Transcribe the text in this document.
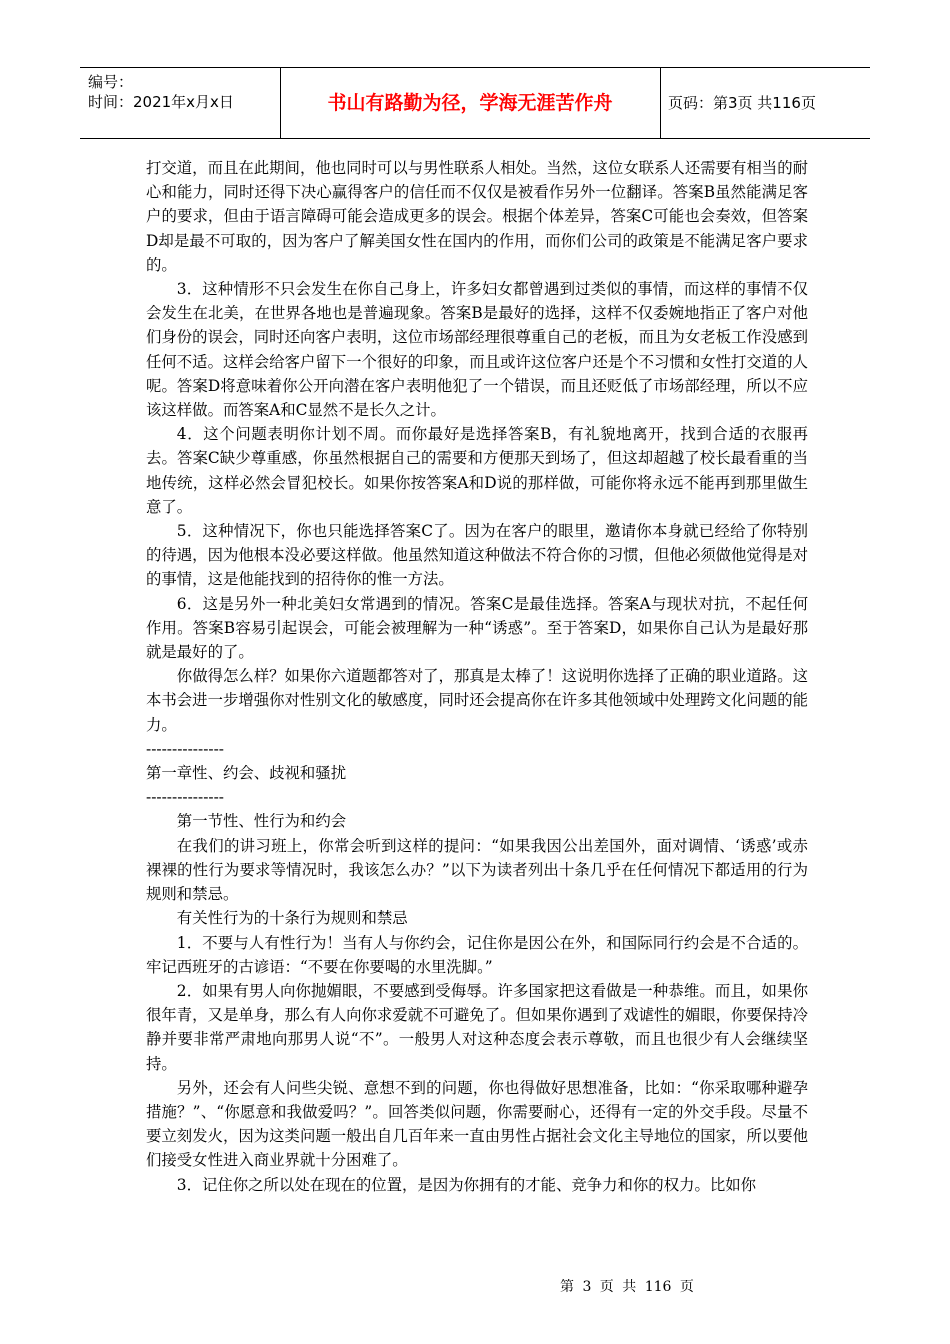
编号：
时间：2021年x月x日	书山有路勤为径，学海无涯苦作舟	页码：第3页 共116页

打交道，而且在此期间，他也同时可以与男性联系人相处。当然，这位女联系人还需要有相当的耐心和能力，同时还得下决心赢得客户的信任而不仅仅是被看作另外一位翻译。答案B虽然能满足客户的要求，但由于语言障碍可能会造成更多的误会。根据个体差异，答案C可能也会奏效，但答案D却是最不可取的，因为客户了解美国女性在国内的作用，而你们公司的政策是不能满足客户要求的。

3．这种情形不只会发生在你自己身上，许多妇女都曾遇到过类似的事情，而这样的事情不仅会发生在北美，在世界各地也是普遍现象。答案B是最好的选择，这样不仅委婉地指正了客户对他们身份的误会，同时还向客户表明，这位市场部经理很尊重自己的老板，而且为女老板工作没感到任何不适。这样会给客户留下一个很好的印象，而且或许这位客户还是个不习惯和女性打交道的人呢。答案D将意味着你公开向潜在客户表明他犯了一个错误，而且还贬低了市场部经理，所以不应该这样做。而答案A和C显然不是长久之计。

4．这个问题表明你计划不周。而你最好是选择答案B，有礼貌地离开，找到合适的衣服再去。答案C缺少尊重感，你虽然根据自己的需要和方便那天到场了，但这却超越了校长最看重的当地传统，这样必然会冒犯校长。如果你按答案A和D说的那样做，可能你将永远不能再到那里做生意了。

5．这种情况下，你也只能选择答案C了。因为在客户的眼里，邀请你本身就已经给了你特别的待遇，因为他根本没必要这样做。他虽然知道这种做法不符合你的习惯，但他必须做他觉得是对的事情，这是他能找到的招待你的惟一方法。

6．这是另外一种北美妇女常遇到的情况。答案C是最佳选择。答案A与现状对抗，不起任何作用。答案B容易引起误会，可能会被理解为一种“诱惑”。至于答案D，如果你自己认为是最好那就是最好的了。

你做得怎么样？如果你六道题都答对了，那真是太棒了！这说明你选择了正确的职业道路。这本书会进一步增强你对性别文化的敏感度，同时还会提高你在许多其他领域中处理跨文化问题的能力。

---------------

第一章性、约会、歧视和骚扰

---------------

第一节性、性行为和约会

在我们的讲习班上，你常会听到这样的提问：“如果我因公出差国外，面对调情、‘诱惑’或赤裸裸的性行为要求等情况时，我该怎么办？”以下为读者列出十条几乎在任何情况下都适用的行为规则和禁忌。

有关性行为的十条行为规则和禁忌

1．不要与人有性行为！当有人与你约会，记住你是因公在外，和国际同行约会是不合适的。牢记西班牙的古谚语：“不要在你要喝的水里洗脚。”

2．如果有男人向你抛媚眼，不要感到受侮辱。许多国家把这看做是一种恭维。而且，如果你很年青，又是单身，那么有人向你求爱就不可避免了。但如果你遇到了戏谑性的媚眼，你要保持冷静并要非常严肃地向那男人说“不”。一般男人对这种态度会表示尊敬，而且也很少有人会继续坚持。

另外，还会有人问些尖锐、意想不到的问题，你也得做好思想准备，比如：“你采取哪种避孕措施？”、“你愿意和我做爱吗？”。回答类似问题，你需要耐心，还得有一定的外交手段。尽量不要立刻发火，因为这类问题一般出自几百年来一直由男性占据社会文化主导地位的国家，所以要他们接受女性进入商业界就十分困难了。

3．记住你之所以处在现在的位置，是因为你拥有的才能、竞争力和你的权力。比如你

第 3 页 共 116 页
